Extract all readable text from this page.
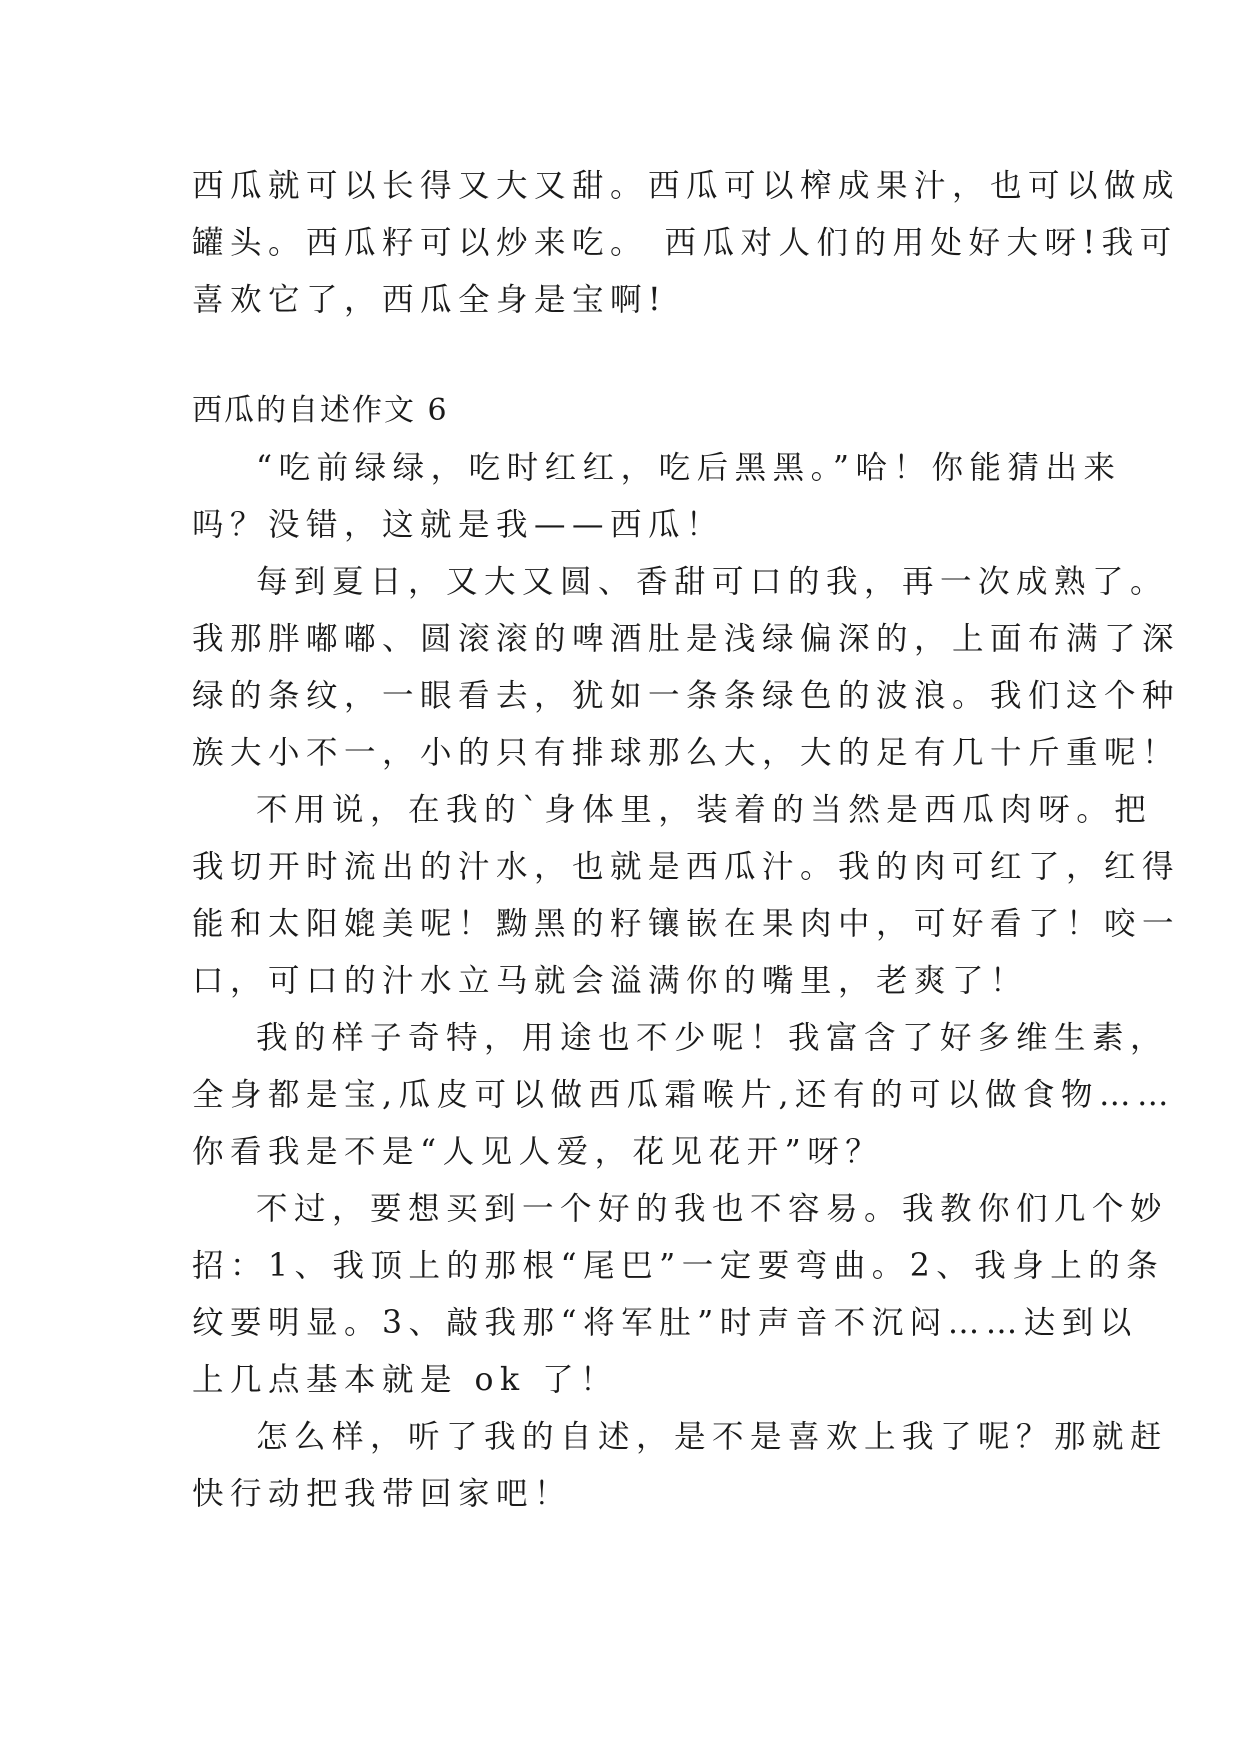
西瓜就可以长得又大又甜。西瓜可以榨成果汁，也可以做成
罐头。西瓜籽可以炒来吃。 西瓜对人们的用处好大呀!我可
喜欢它了，西瓜全身是宝啊!
西瓜的自述作文 6
“吃前绿绿，吃时红红，吃后黑黑。”哈！你能猜出来
吗？没错，这就是我——西瓜！
每到夏日，又大又圆、香甜可口的我，再一次成熟了。
我那胖嘟嘟、圆滚滚的啤酒肚是浅绿偏深的，上面布满了深
绿的条纹，一眼看去，犹如一条条绿色的波浪。我们这个种
族大小不一，小的只有排球那么大，大的足有几十斤重呢！
不用说，在我的`身体里，装着的当然是西瓜肉呀。把
我切开时流出的汁水，也就是西瓜汁。我的肉可红了，红得
能和太阳媲美呢！黝黑的籽镶嵌在果肉中，可好看了！咬一
口，可口的汁水立马就会溢满你的嘴里，老爽了！
我的样子奇特，用途也不少呢！我富含了好多维生素，
全身都是宝,瓜皮可以做西瓜霜喉片,还有的可以做食物……
你看我是不是“人见人爱，花见花开”呀？
不过，要想买到一个好的我也不容易。我教你们几个妙
招：1、我顶上的那根“尾巴”一定要弯曲。2、我身上的条
纹要明显。3、敲我那“将军肚”时声音不沉闷……达到以
上几点基本就是 ok 了！
怎么样，听了我的自述，是不是喜欢上我了呢？那就赶
快行动把我带回家吧！
